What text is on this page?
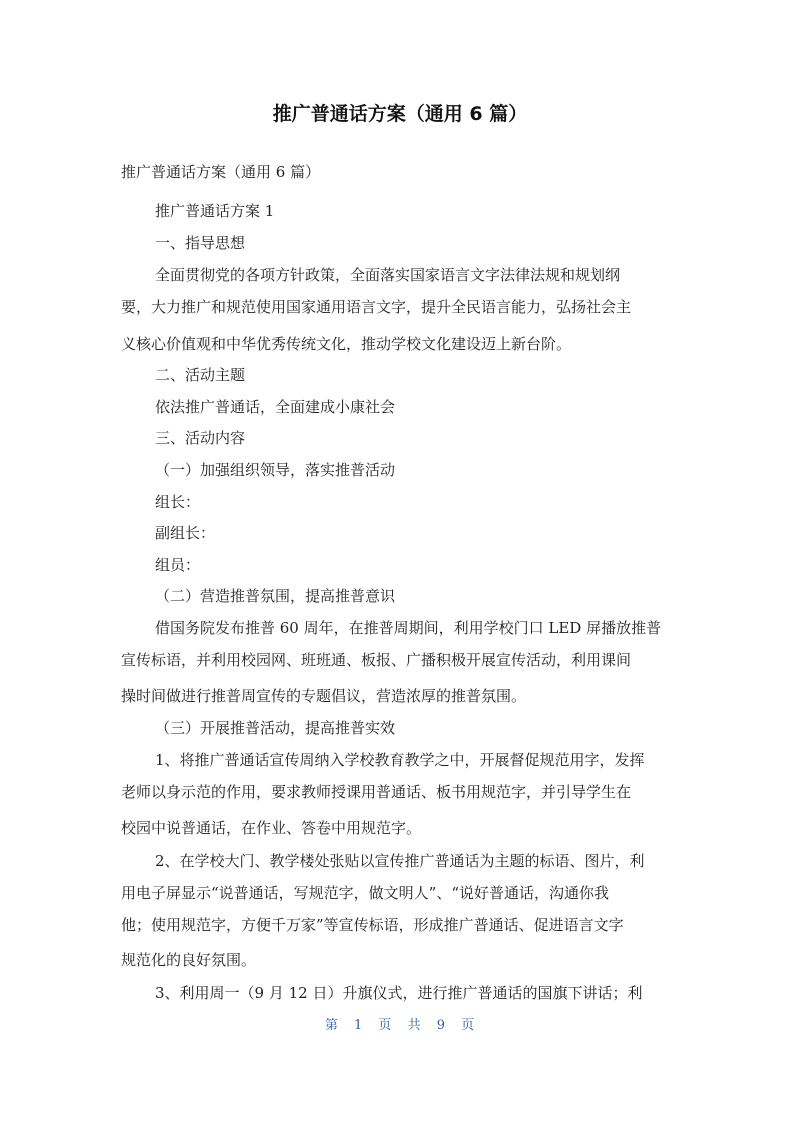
推广普通话方案（通用 6 篇）
推广普通话方案（通用 6 篇）
推广普通话方案 1
一、指导思想
全面贯彻党的各项方针政策，全面落实国家语言文字法律法规和规划纲
要，大力推广和规范使用国家通用语言文字，提升全民语言能力，弘扬社会主
义核心价值观和中华优秀传统文化，推动学校文化建设迈上新台阶。
二、活动主题
依法推广普通话，全面建成小康社会
三、活动内容
（一）加强组织领导，落实推普活动
组长：
副组长：
组员：
（二）营造推普氛围，提高推普意识
借国务院发布推普 60 周年，在推普周期间，利用学校门口 LED 屏播放推普
宣传标语，并利用校园网、班班通、板报、广播积极开展宣传活动，利用课间
操时间做进行推普周宣传的专题倡议，营造浓厚的推普氛围。
（三）开展推普活动，提高推普实效
1、将推广普通话宣传周纳入学校教育教学之中，开展督促规范用字，发挥
老师以身示范的作用，要求教师授课用普通话、板书用规范字，并引导学生在
校园中说普通话，在作业、答卷中用规范字。
2、在学校大门、教学楼处张贴以宣传推广普通话为主题的标语、图片，利
用电子屏显示“说普通话，写规范字，做文明人”、“说好普通话，沟通你我
他；使用规范字，方便千万家”等宣传标语，形成推广普通话、促进语言文字
规范化的良好氛围。
3、利用周一（9 月 12 日）升旗仪式，进行推广普通话的国旗下讲话；利
第 1 页 共 9 页
